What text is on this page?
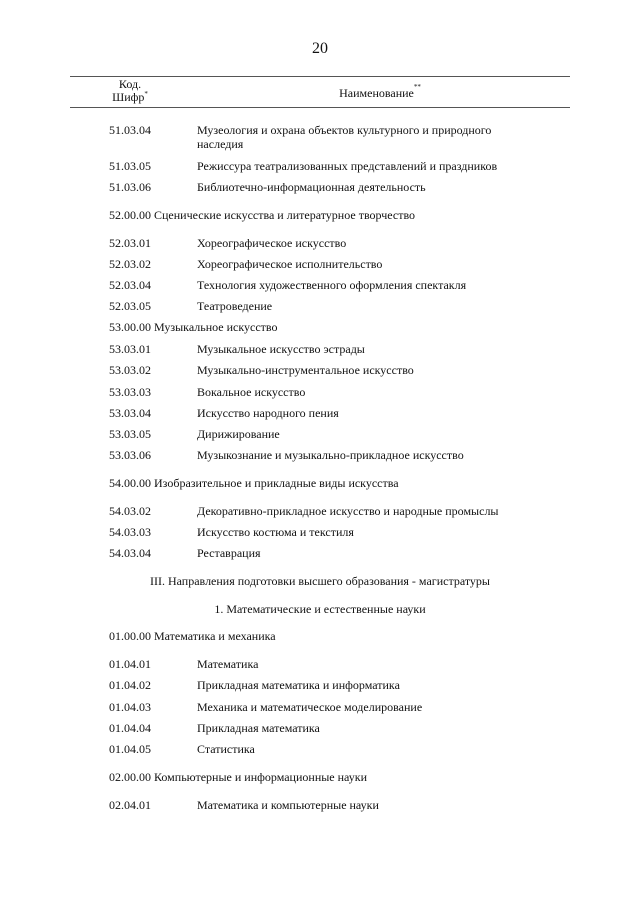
20
Код.
Шифр*	Наименование**
51.03.04	Музеология и охрана объектов культурного и природного наследия
51.03.05	Режиссура театрализованных представлений и праздников
51.03.06	Библиотечно-информационная деятельность
52.00.00 Сценические искусства и литературное творчество
52.03.01	Хореографическое искусство
52.03.02	Хореографическое исполнительство
52.03.04	Технология художественного оформления спектакля
52.03.05	Театроведение
53.00.00 Музыкальное искусство
53.03.01	Музыкальное искусство эстрады
53.03.02	Музыкально-инструментальное искусство
53.03.03	Вокальное искусство
53.03.04	Искусство народного пения
53.03.05	Дирижирование
53.03.06	Музыкознание и музыкально-прикладное искусство
54.00.00 Изобразительное и прикладные виды искусства
54.03.02	Декоративно-прикладное искусство и народные промыслы
54.03.03	Искусство костюма и текстиля
54.03.04	Реставрация
III. Направления подготовки высшего образования - магистратуры
1. Математические и естественные науки
01.00.00 Математика и механика
01.04.01	Математика
01.04.02	Прикладная математика и информатика
01.04.03	Механика и математическое моделирование
01.04.04	Прикладная математика
01.04.05	Статистика
02.00.00 Компьютерные и информационные науки
02.04.01	Математика и компьютерные науки
